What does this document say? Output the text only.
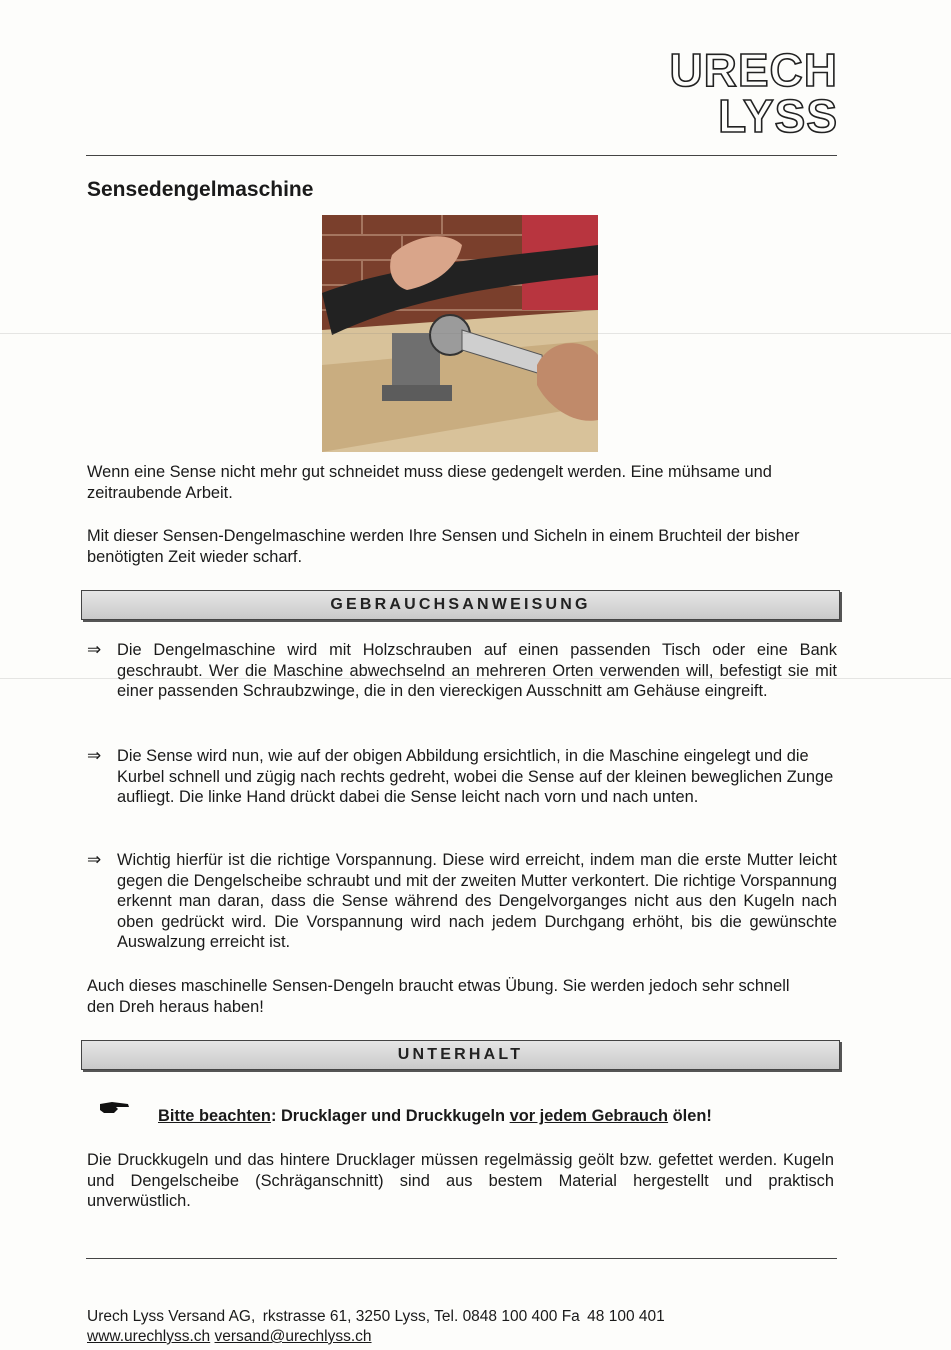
URECH
LYSS
Sensedengelmaschine
Wenn eine Sense nicht mehr gut schneidet muss diese gedengelt werden. Eine mühsame und zeitraubende Arbeit.
Mit dieser Sensen-Dengelmaschine werden Ihre Sensen und Sicheln in einem Bruchteil der bisher benötigten Zeit wieder scharf.
GEBRAUCHSANWEISUNG
⇒ Die Dengelmaschine wird mit Holzschrauben auf einen passenden Tisch oder eine Bank geschraubt. Wer die Maschine abwechselnd an mehreren Orten verwenden will, befestigt sie mit einer passenden Schraubzwinge, die in den viereckigen Ausschnitt am Gehäuse eingreift.
⇒ Die Sense wird nun, wie auf der obigen Abbildung ersichtlich, in die Maschine eingelegt und die Kurbel schnell und zügig nach rechts gedreht, wobei die Sense auf der kleinen beweglichen Zunge aufliegt. Die linke Hand drückt dabei die Sense leicht nach vorn und nach unten.
⇒ Wichtig hierfür ist die richtige Vorspannung. Diese wird erreicht, indem man die erste Mutter leicht gegen die Dengelscheibe schraubt und mit der zweiten Mutter verkontert. Die richtige Vorspannung erkennt man daran, dass die Sense während des Dengelvorganges nicht aus den Kugeln nach oben gedrückt wird. Die Vorspannung wird nach jedem Durchgang erhöht, bis die gewünschte Auswalzung erreicht ist.
Auch dieses maschinelle Sensen-Dengeln braucht etwas Übung. Sie werden jedoch sehr schnell den Dreh heraus haben!
UNTERHALT
Bitte beachten: Drucklager und Druckkugeln vor jedem Gebrauch ölen!
Die Druckkugeln und das hintere Drucklager müssen regelmässig geölt bzw. gefettet werden. Kugeln und Dengelscheibe (Schräganschnitt) sind aus bestem Material hergestellt und praktisch unverwüstlich.
Urech Lyss Versand AG,  rkstrasse 61, 3250 Lyss, Tel. 0848 100 400 Fa  48 100 401
www.urechlyss.ch versand@urechlyss.ch
